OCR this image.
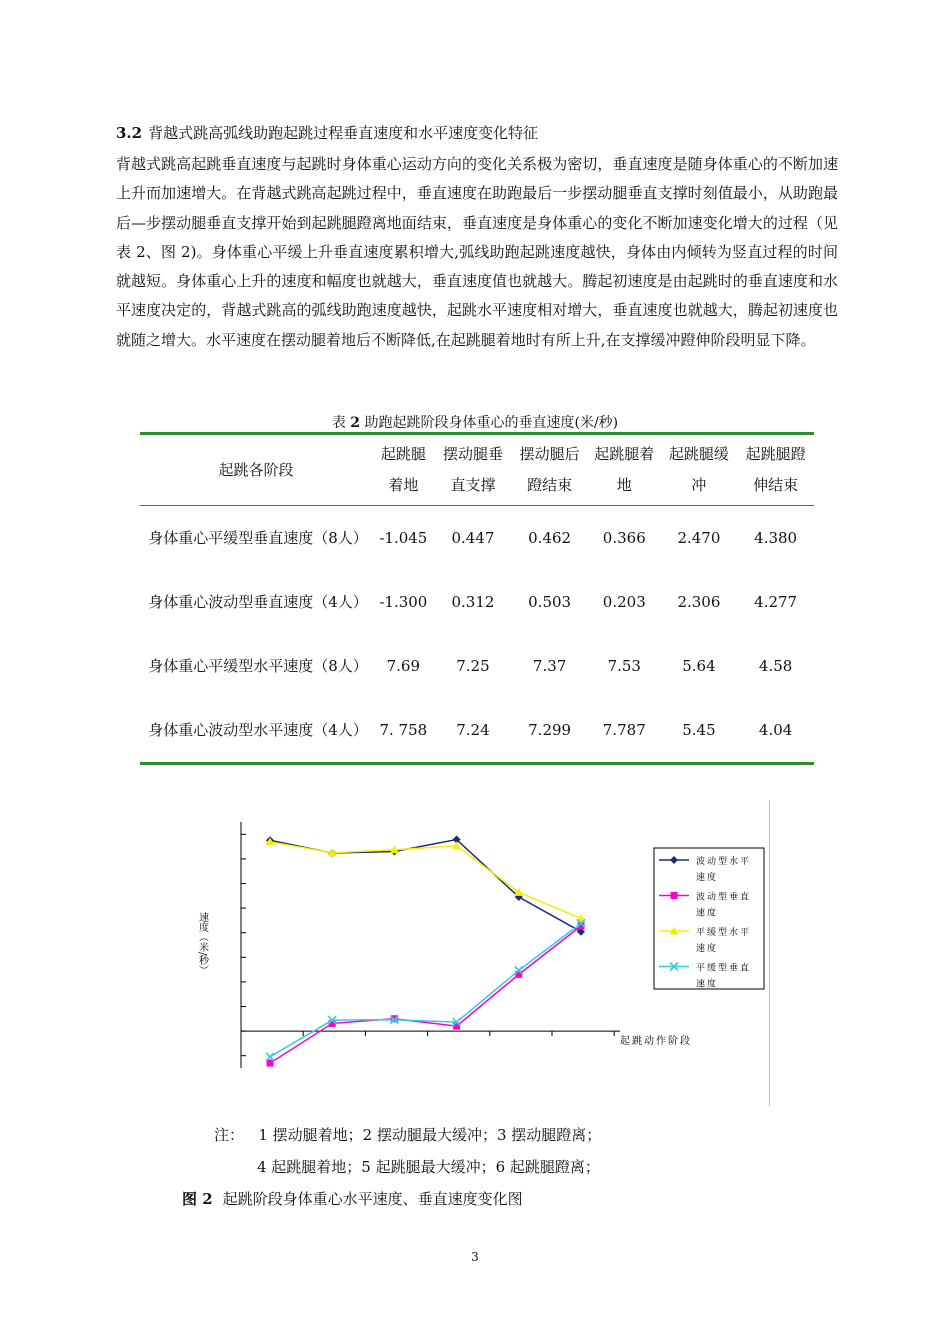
3.2 背越式跳高弧线助跑起跳过程垂直速度和水平速度变化特征

背越式跳高起跳垂直速度与起跳时身体重心运动方向的变化关系极为密切，垂直速度是随身体重心的不断加速上升而加速增大。在背越式跳高起跳过程中，垂直速度在助跑最后一步摆动腿垂直支撑时刻值最小，从助跑最后—步摆动腿垂直支撑开始到起跳腿蹬离地面结束，垂直速度是身体重心的变化不断加速变化增大的过程（见表 2、图 2)。身体重心平缓上升垂直速度累积增大,弧线助跑起跳速度越快，身体由内倾转为竖直过程的时间就越短。身体重心上升的速度和幅度也就越大，垂直速度值也就越大。腾起初速度是由起跳时的垂直速度和水平速度决定的，背越式跳高的弧线助跑速度越快，起跳水平速度相对增大，垂直速度也就越大，腾起初速度也就随之增大。水平速度在摆动腿着地后不断降低,在起跳腿着地时有所上升,在支撑缓冲蹬伸阶段明显下降。

表 2 助跑起跳阶段身体重心的垂直速度(米/秒)
起跳各阶段	起跳腿着地	摆动腿垂直支撑	摆动腿后蹬结束	起跳腿着地	起跳腿缓冲	起跳腿蹬伸结束
身体重心平缓型垂直速度（8人）	-1.045	0.447	0.462	0.366	2.470	4.380
身体重心波动型垂直速度（4人）	-1.300	0.312	0.503	0.203	2.306	4.277
身体重心平缓型水平速度（8人）	7.69	7.25	7.37	7.53	5.64	4.58
身体重心波动型水平速度（4人）	7. 758	7.24	7.299	7.787	5.45	4.04
速度（米/秒）
起跳动作阶段
波动型水平
速度
波动型垂直
速度
平缓型水平
速度
平缓型垂直
速度
注： 1 摆动腿着地；2 摆动腿最大缓冲；3 摆动腿蹬离；
4 起跳腿着地；5 起跳腿最大缓冲；6 起跳腿蹬离；
图 2 起跳阶段身体重心水平速度、垂直速度变化图
3
